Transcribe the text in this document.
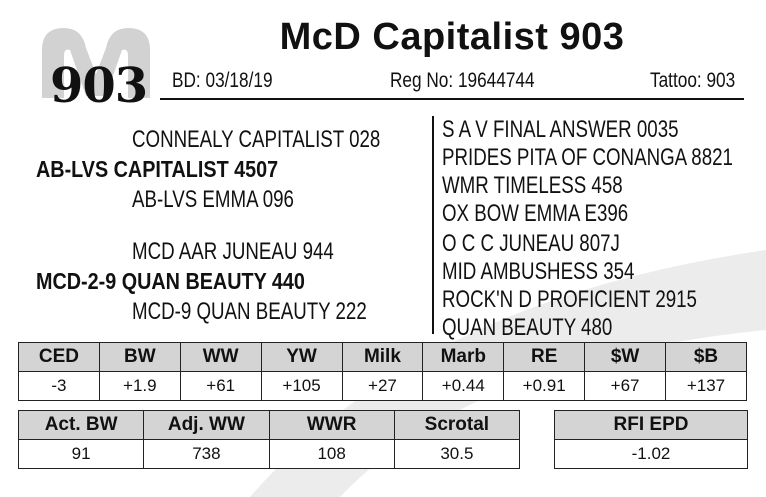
903
McD Capitalist 903
BD: 03/18/19	Reg No: 19644744	Tattoo: 903
CONNEALY CAPITALIST 028
AB-LVS CAPITALIST 4507
AB-LVS EMMA 096
MCD AAR JUNEAU 944
MCD-2-9 QUAN BEAUTY 440
MCD-9 QUAN BEAUTY 222
S A V FINAL ANSWER 0035
PRIDES PITA OF CONANGA 8821
WMR TIMELESS 458
OX BOW EMMA E396
O C C JUNEAU 807J
MID AMBUSHESS 354
ROCK'N D PROFICIENT 2915
QUAN BEAUTY 480
CED	BW	WW	YW	Milk	Marb	RE	$W	$B
-3	+1.9	+61	+105	+27	+0.44	+0.91	+67	+137
Act. BW	Adj. WW	WWR	Scrotal
91	738	108	30.5
RFI EPD
-1.02
